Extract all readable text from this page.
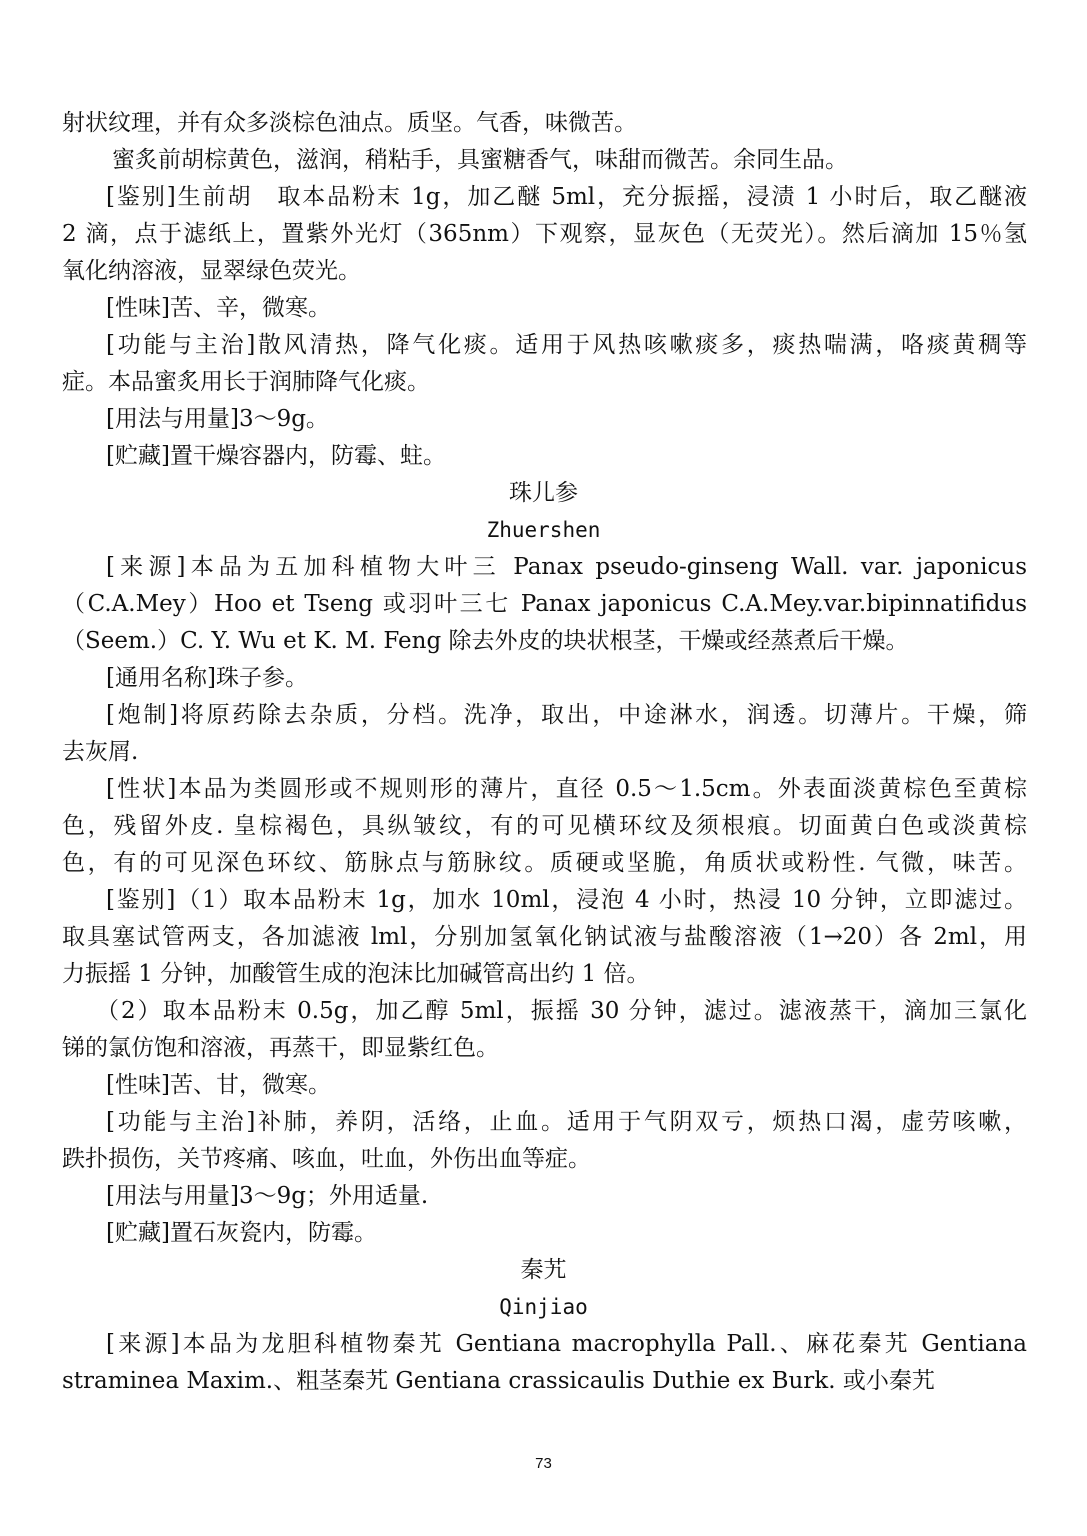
射状纹理，并有众多淡棕色油点。质坚。气香，味微苦。
蜜炙前胡棕黄色，滋润，稍粘手，具蜜糖香气，味甜而微苦。余同生品。
[鉴别]生前胡　取本品粉末 1g，加乙醚 5ml，充分振摇，浸渍 1 小时后，取乙醚液
2 滴，点于滤纸上，置紫外光灯（365nm）下观察，显灰色（无荧光）。然后滴加 15％氢
氧化纳溶液，显翠绿色荧光。
[性味]苦、辛，微寒。
[功能与主治]散风清热，降气化痰。适用于风热咳嗽痰多，痰热喘满，咯痰黄稠等
症。本品蜜炙用长于润肺降气化痰。
[用法与用量]3～9g。
[贮藏]置干燥容器内，防霉、蛀。
珠儿参
Zhuershen
[来源]本品为五加科植物大叶三 Panax pseudo-ginseng Wall. var. japonicus
（C.A.Mey）Hoo et Tseng 或羽叶三七 Panax japonicus C.A.Mey.var.bipinnatifidus
（Seem.）C. Y. Wu et K. M. Feng 除去外皮的块状根茎，干燥或经蒸煮后干燥。
[通用名称]珠子参。
[炮制]将原药除去杂质，分档。洗净，取出，中途淋水，润透。切薄片。干燥，筛
去灰屑.
[性状]本品为类圆形或不规则形的薄片，直径 0.5～1.5cm。外表面淡黄棕色至黄棕
色，残留外皮. 皇棕褐色，具纵皱纹，有的可见横环纹及须根痕。切面黄白色或淡黄棕
色，有的可见深色环纹、筋脉点与筋脉纹。质硬或坚脆，角质状或粉性. 气微，味苦。
[鉴别]（1）取本品粉末 1g，加水 10ml，浸泡 4 小时，热浸 10 分钟，立即滤过。
取具塞试管两支，各加滤液 lml，分别加氢氧化钠试液与盐酸溶液（1→20）各 2ml，用
力振摇 1 分钟，加酸管生成的泡沫比加碱管高出约 1 倍。
（2）取本品粉末 0.5g，加乙醇 5ml，振摇 30 分钟，滤过。滤液蒸干，滴加三氯化
锑的氯仿饱和溶液，再蒸干，即显紫红色。
[性味]苦、甘，微寒。
[功能与主治]补肺，养阴，活络，止血。适用于气阴双亏，烦热口渴，虚劳咳嗽，
跌扑损伤，关节疼痛、咳血，吐血，外伤出血等症。
[用法与用量]3～9g；外用适量.
[贮藏]置石灰瓷内，防霉。
秦艽
Qinjiao
[来源]本品为龙胆科植物秦艽 Gentiana macrophylla Pall.、麻花秦艽 Gentiana
straminea Maxim.、粗茎秦艽 Gentiana crassicaulis Duthie ex Burk. 或小秦艽
73
